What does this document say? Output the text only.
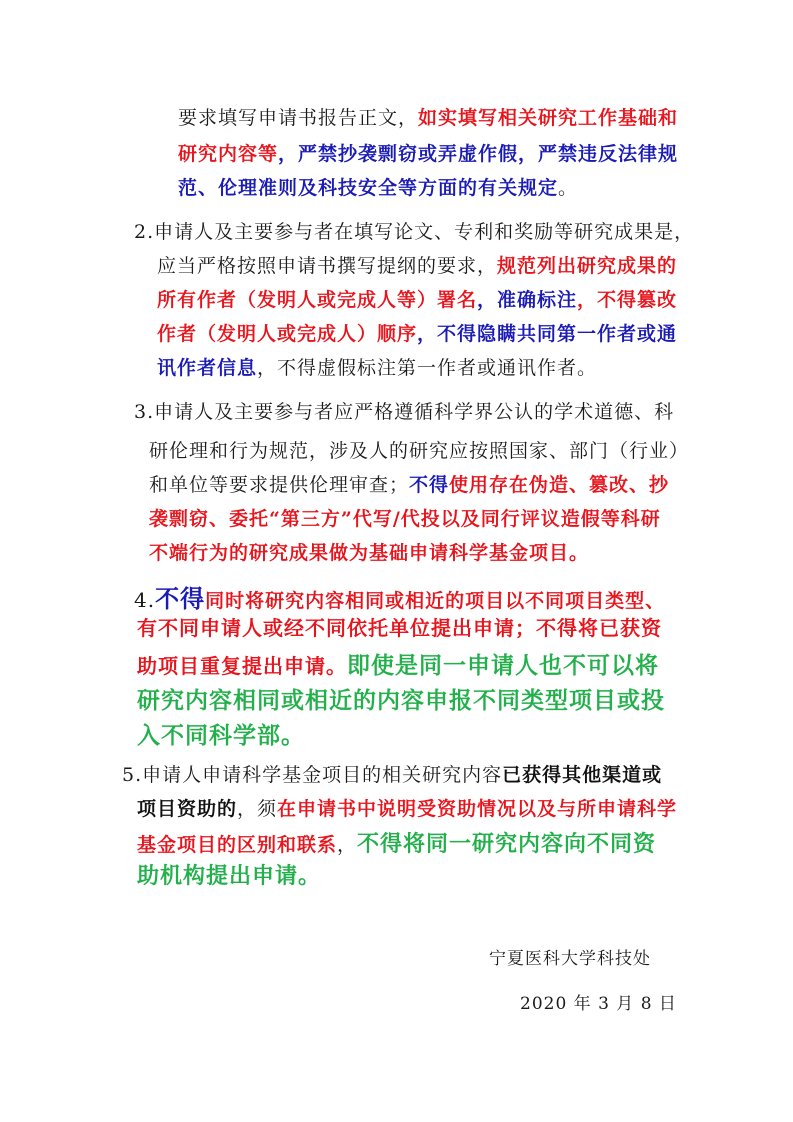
要求填写申请书报告正文，如实填写相关研究工作基础和
研究内容等，严禁抄袭剽窃或弄虚作假，严禁违反法律规
范、伦理准则及科技安全等方面的有关规定。
2.申请人及主要参与者在填写论文、专利和奖励等研究成果是，
应当严格按照申请书撰写提纲的要求，规范列出研究成果的
所有作者（发明人或完成人等）署名，准确标注，不得篡改
作者（发明人或完成人）顺序，不得隐瞒共同第一作者或通
讯作者信息，不得虚假标注第一作者或通讯作者。
3.申请人及主要参与者应严格遵循科学界公认的学术道德、科
研伦理和行为规范，涉及人的研究应按照国家、部门（行业）
和单位等要求提供伦理审查；不得使用存在伪造、篡改、抄
袭剽窃、委托“第三方”代写/代投以及同行评议造假等科研
不端行为的研究成果做为基础申请科学基金项目。
4.不得同时将研究内容相同或相近的项目以不同项目类型、
有不同申请人或经不同依托单位提出申请；不得将已获资
助项目重复提出申请。即使是同一申请人也不可以将
研究内容相同或相近的内容申报不同类型项目或投
入不同科学部。
5.申请人申请科学基金项目的相关研究内容已获得其他渠道或
项目资助的，须在申请书中说明受资助情况以及与所申请科学
基金项目的区别和联系，不得将同一研究内容向不同资
助机构提出申请。
宁夏医科大学科技处
2020 年 3 月 8 日
